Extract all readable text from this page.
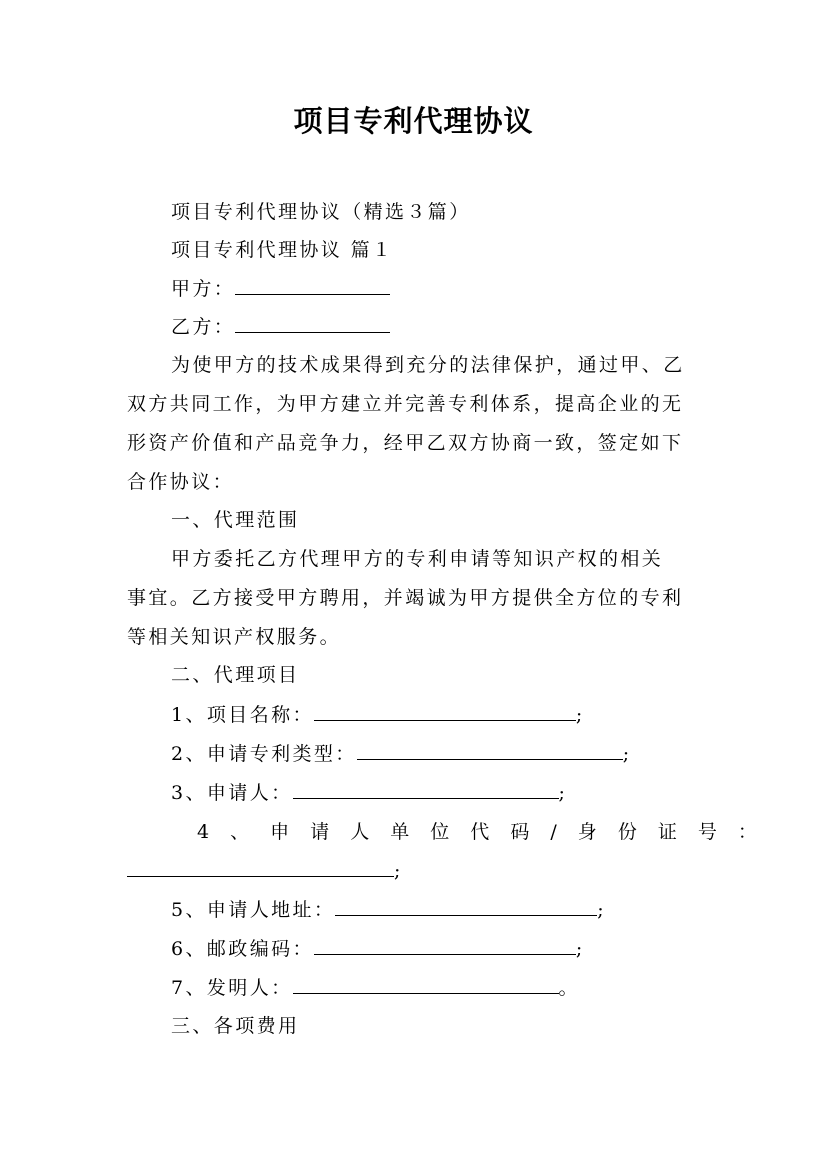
项目专利代理协议
项目专利代理协议（精选３篇）
项目专利代理协议 篇１
甲方：
乙方：
为使甲方的技术成果得到充分的法律保护，通过甲、乙
双方共同工作，为甲方建立并完善专利体系，提高企业的无
形资产价值和产品竞争力，经甲乙双方协商一致，签定如下
合作协议：
一、代理范围
甲方委托乙方代理甲方的专利申请等知识产权的相关
事宜。乙方接受甲方聘用，并竭诚为甲方提供全方位的专利
等相关知识产权服务。
二、代理项目
1、项目名称：	;
2、申请专利类型：	;
3、申请人：	;
4 、 申 请 人 单 位 代 码 / 身 份 证 号 ：
;
5、申请人地址：	;
6、邮政编码：	;
7、发明人：	。
三、各项费用
